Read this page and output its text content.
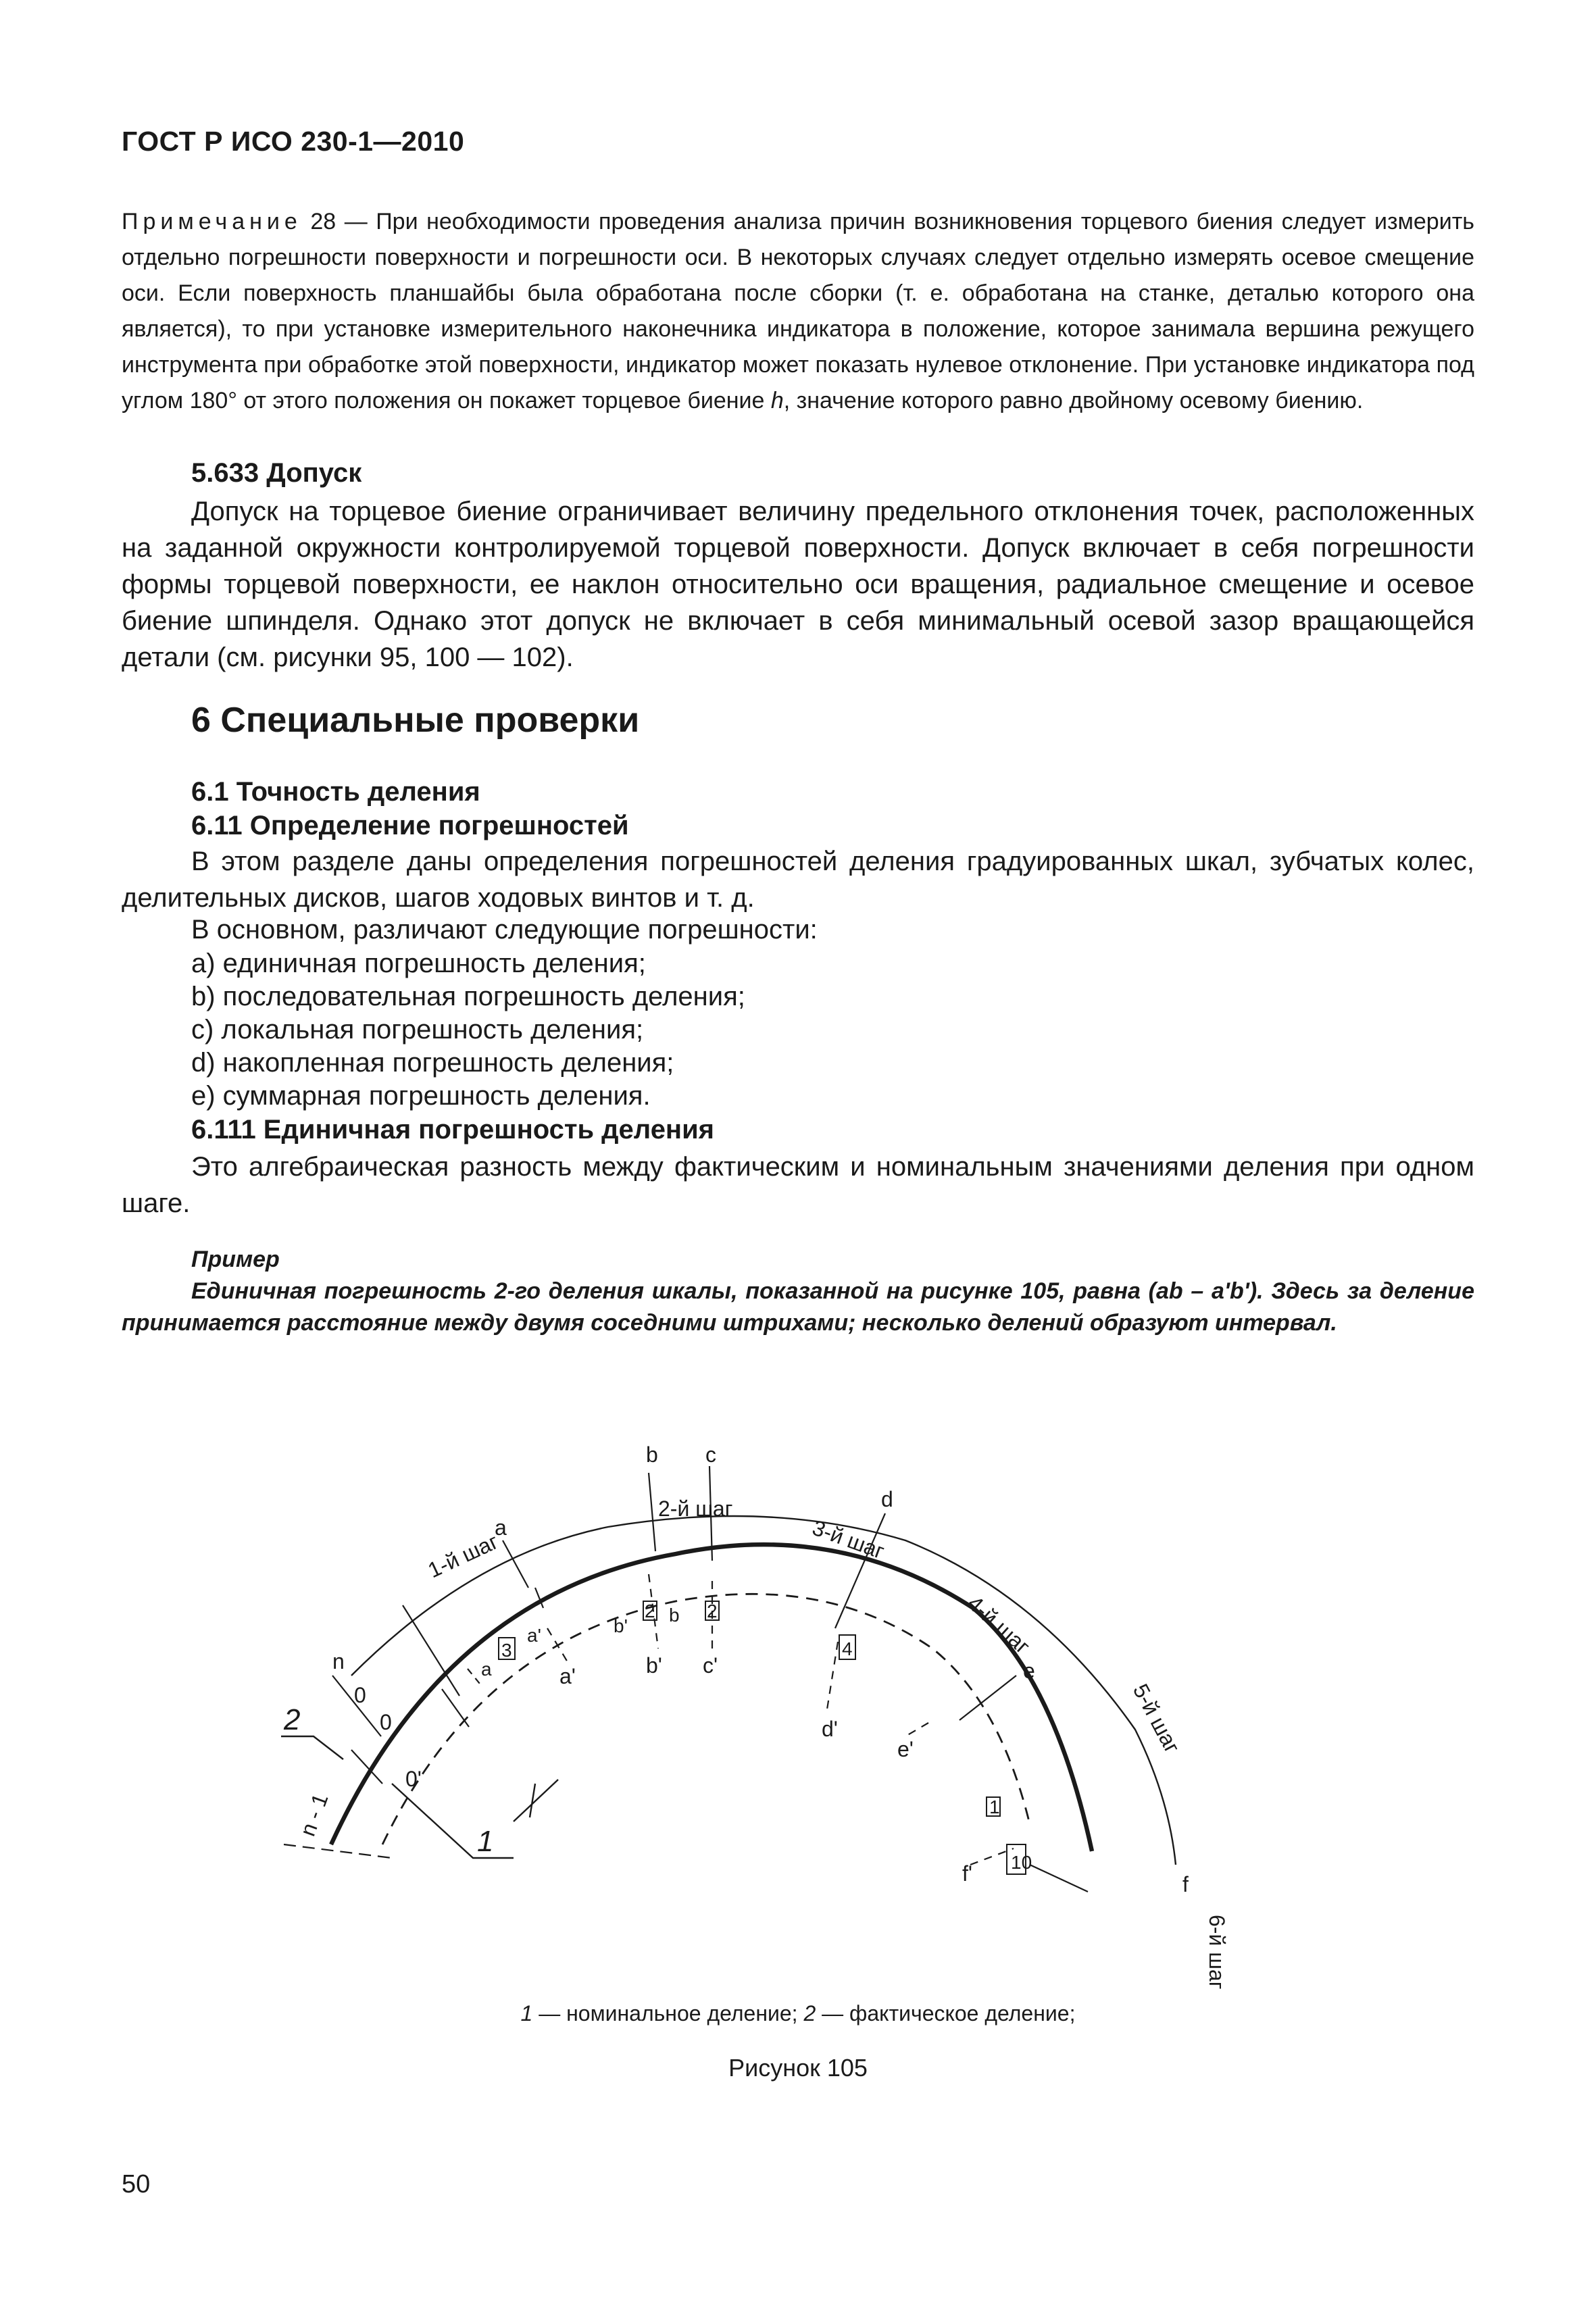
ГОСТ Р ИСО 230-1—2010
Примечание 28 — При необходимости проведения анализа причин возникновения торцевого биения следует измерить отдельно погрешности поверхности и погрешности оси. В некоторых случаях следует отдельно измерять осевое смещение оси. Если поверхность планшайбы была обработана после сборки (т. е. обработана на станке, деталью которого она является), то при установке измерительного наконечника индикатора в положение, которое занимала вершина режущего инструмента при обработке этой поверхности, индикатор может показать нулевое отклонение. При установке индикатора под углом 180° от этого положения он покажет торцевое биение h, значение которого равно двойному осевому биению.
5.633 Допуск

Допуск на торцевое биение ограничивает величину предельного отклонения точек, расположенных на заданной окружности контролируемой торцевой поверхности. Допуск включает в себя погрешности формы торцевой поверхности, ее наклон относительно оси вращения, радиальное смещение и осевое биение шпинделя. Однако этот допуск не включает в себя минимальный осевой зазор вращающейся детали (см. рисунки 95, 100 — 102).

6 Специальные проверки
6.1 Точность деления
6.11 Определение погрешностей

В этом разделе даны определения погрешностей деления градуированных шкал, зубчатых колес, делительных дисков, шагов ходовых винтов и т. д.

В основном, различают следующие погрешности:
a) единичная погрешность деления;
b) последовательная погрешность деления;
c) локальная погрешность деления;
d) накопленная погрешность деления;
e) суммарная погрешность деления.
6.111 Единичная погрешность деления

Это алгебраическая разность между фактическим и номинальным значениями деления при одном шаге.

Пример
Единичная погрешность 2-го деления шкалы, показанной на рисунке 105, равна (ab – a'b'). Здесь за деление принимается расстояние между двумя соседними штрихами; несколько делений образуют интервал.
1-й шаг
2-й шаг
3-й шаг
4-й шаг
5-й шаг
6-й шаг
a
b	c
d
e
f
a'	b'	c'
d'
e'
f'
a
a'	b'
b
0
0
0'
n
n - 1
3
2	2
4
1
10
1
2
1 — номинальное деление; 2 — фактическое деление;
Рисунок 105
50
